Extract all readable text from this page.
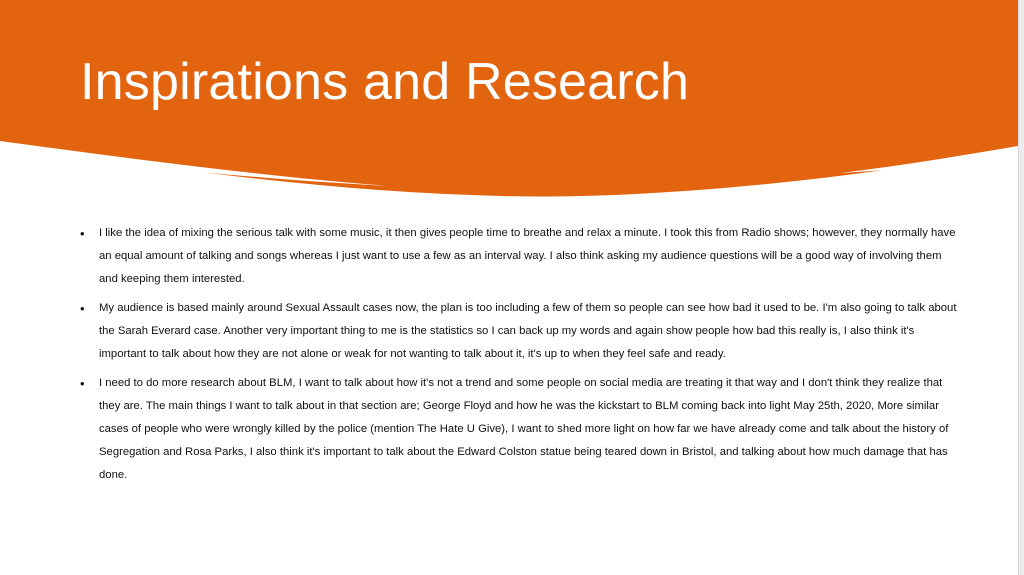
Inspirations and Research
• I like the idea of mixing the serious talk with some music, it then gives people time to breathe and relax a minute. I took this from Radio shows; however, they normally have an equal amount of talking and songs whereas I just want to use a few as an interval way. I also think asking my audience questions will be a good way of involving them and keeping them interested.
• My audience is based mainly around Sexual Assault cases now, the plan is too including a few of them so people can see how bad it used to be. I'm also going to talk about the Sarah Everard case. Another very important thing to me is the statistics so I can back up my words and again show people how bad this really is, I also think it's important to talk about how they are not alone or weak for not wanting to talk about it, it's up to when they feel safe and ready.
• I need to do more research about BLM, I want to talk about how it's not a trend and some people on social media are treating it that way and I don't think they realize that they are. The main things I want to talk about in that section are; George Floyd and how he was the kickstart to BLM coming back into light May 25th, 2020, More similar cases of people who were wrongly killed by the police (mention The Hate U Give), I want to shed more light on how far we have already come and talk about the history of Segregation and Rosa Parks, I also think it's important to talk about the Edward Colston statue being teared down in Bristol, and talking about how much damage that has done.
